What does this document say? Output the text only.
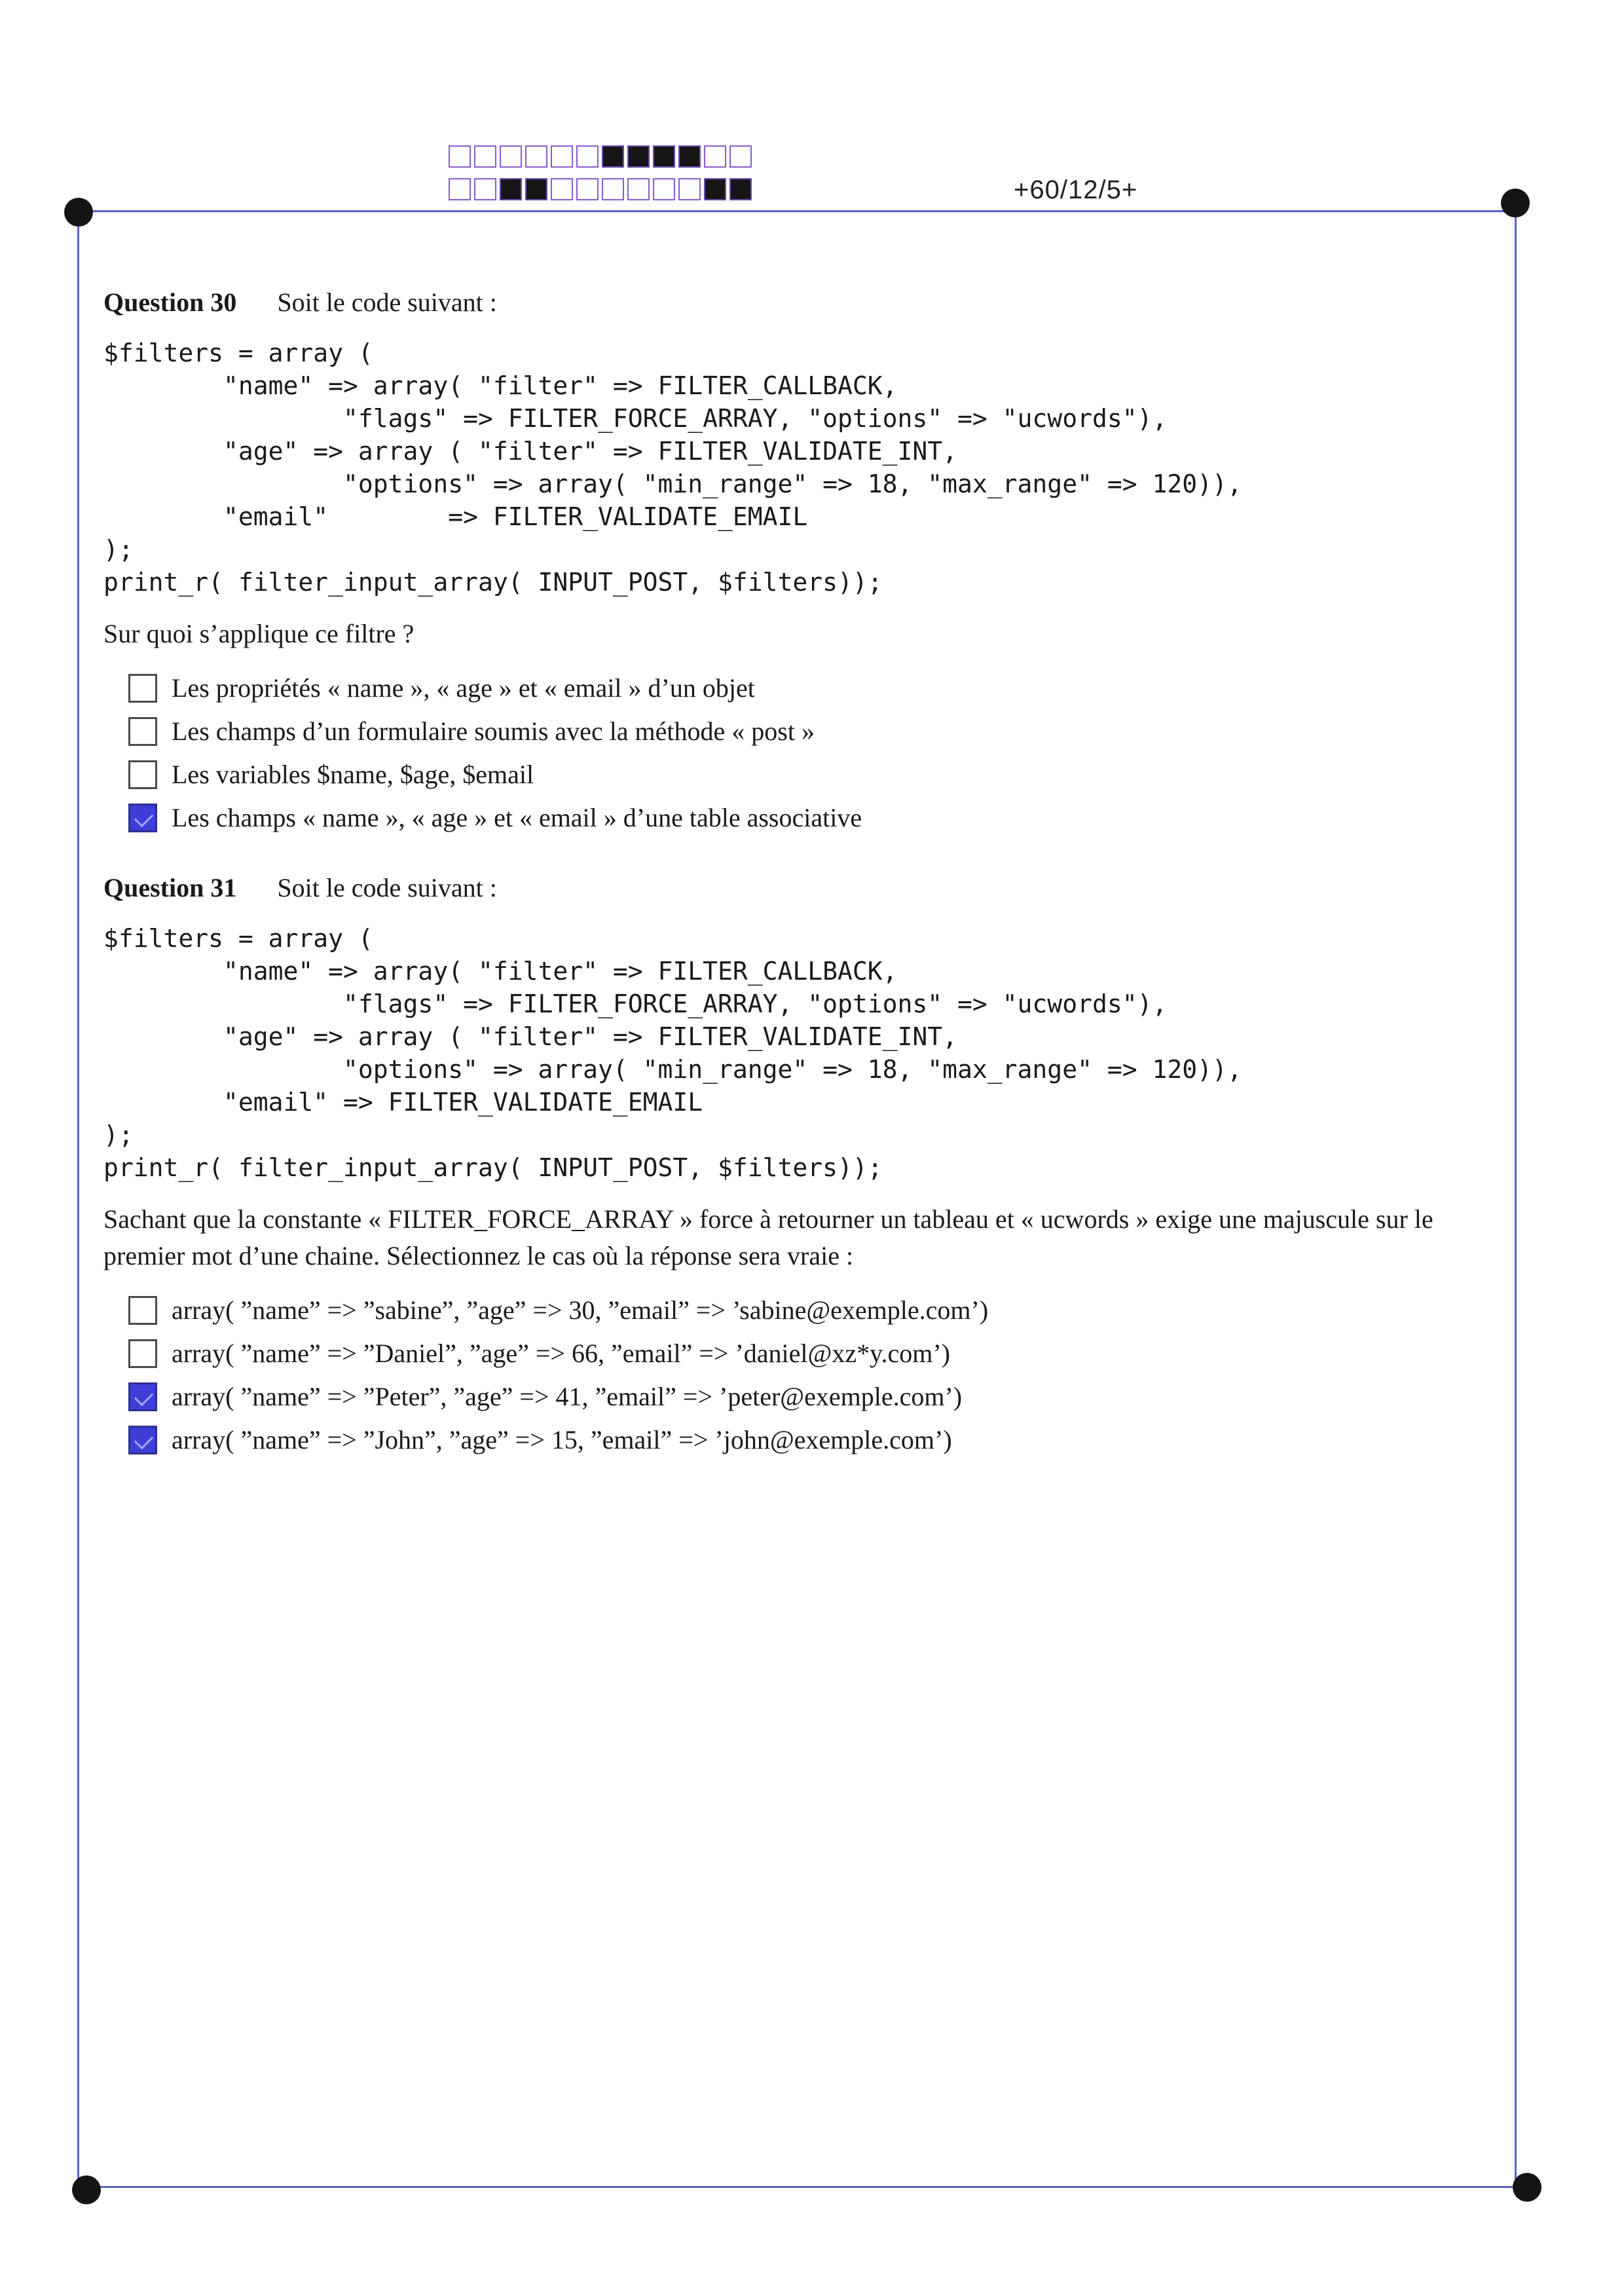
+60/12/5+

Question 30 Soit le code suivant :

$filters = array (
"name" => array( "filter" => FILTER_CALLBACK,
"flags" => FILTER_FORCE_ARRAY, "options" => "ucwords"),
"age" => array ( "filter" => FILTER_VALIDATE_INT,
"options" => array( "min_range" => 18, "max_range" => 120)),
"email"        => FILTER_VALIDATE_EMAIL
);
print_r( filter_input_array( INPUT_POST, $filters));

Sur quoi s’applique ce filtre ?

Les propriétés « name », « age » et « email » d’un objet
Les champs d’un formulaire soumis avec la méthode « post »
Les variables $name, $age, $email
Les champs « name », « age » et « email » d’une table associative

Question 31 Soit le code suivant :

$filters = array (
"name" => array( "filter" => FILTER_CALLBACK,
"flags" => FILTER_FORCE_ARRAY, "options" => "ucwords"),
"age" => array ( "filter" => FILTER_VALIDATE_INT,
"options" => array( "min_range" => 18, "max_range" => 120)),
"email" => FILTER_VALIDATE_EMAIL
);
print_r( filter_input_array( INPUT_POST, $filters));

Sachant que la constante « FILTER_FORCE_ARRAY » force à retourner un tableau et « ucwords » exige une majuscule sur le premier mot d’une chaine. Sélectionnez le cas où la réponse sera vraie :

array( ”name” => ”sabine”, ”age” => 30, ”email” => ’sabine@exemple.com’)
array( ”name” => ”Daniel”, ”age” => 66, ”email” => ’daniel@xz*y.com’)
array( ”name” => ”Peter”, ”age” => 41, ”email” => ’peter@exemple.com’)
array( ”name” => ”John”, ”age” => 15, ”email” => ’john@exemple.com’)
